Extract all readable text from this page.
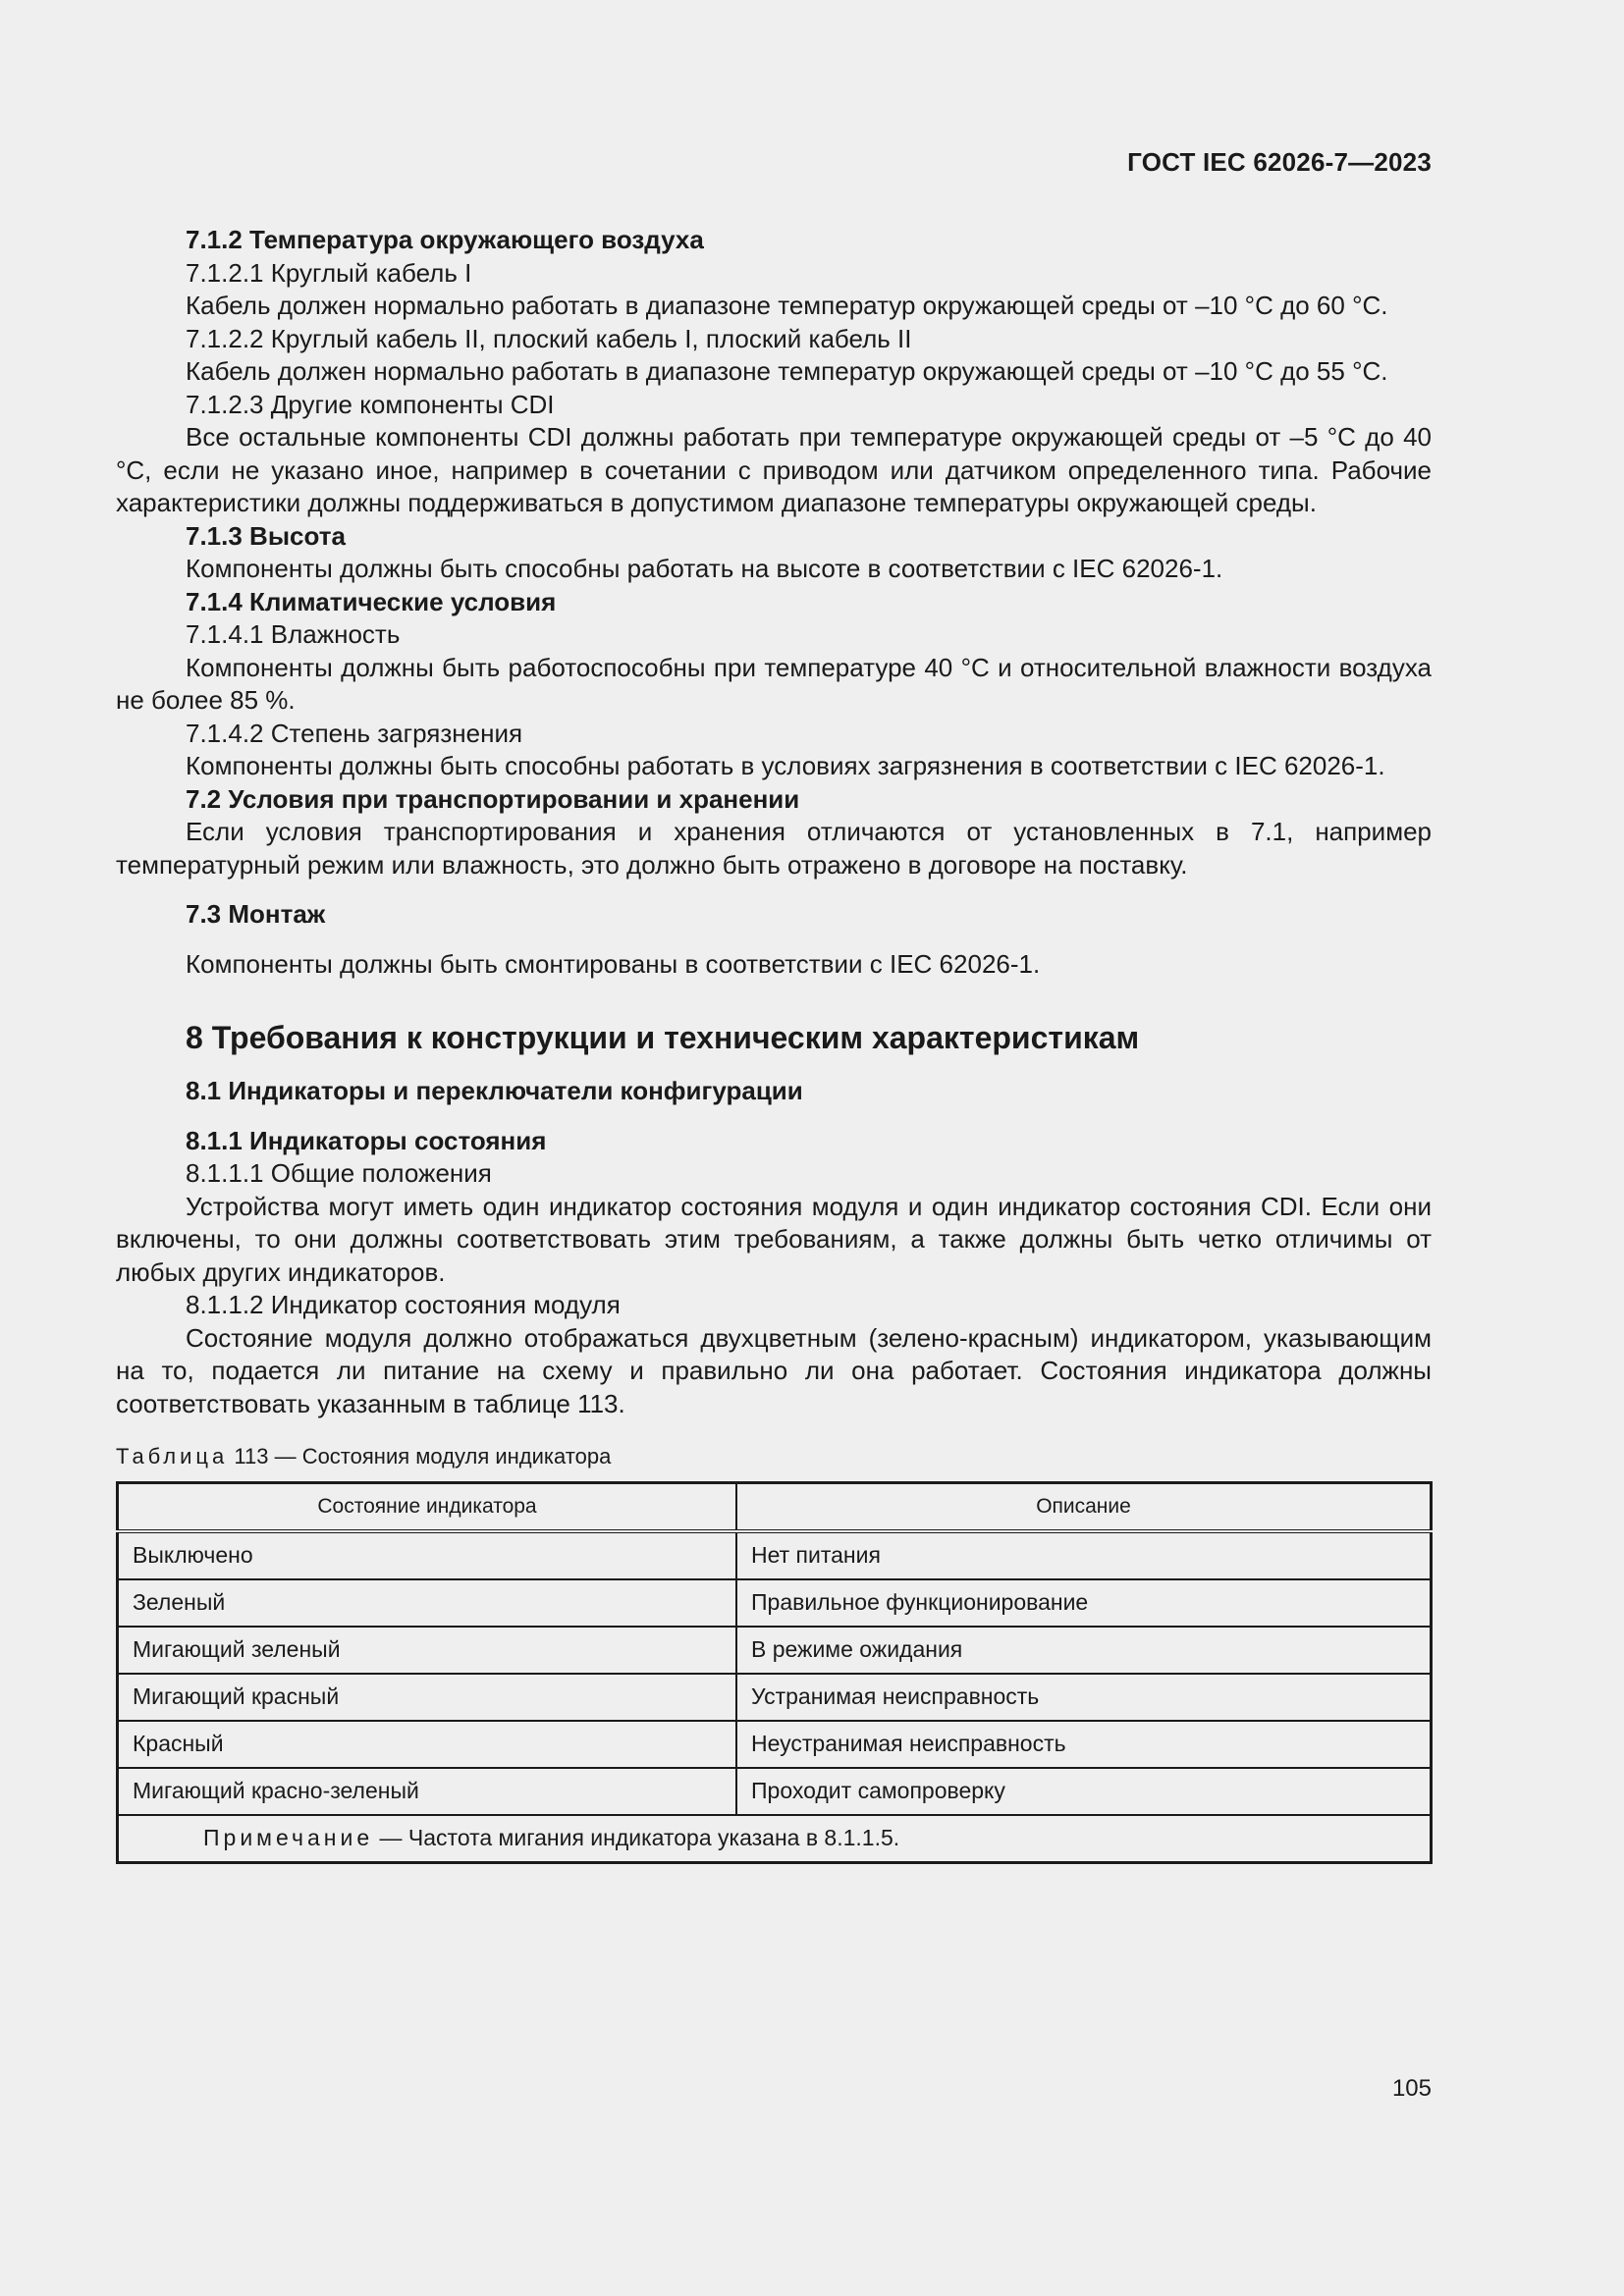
ГОСТ IEC 62026-7—2023

7.1.2 Температура окружающего воздуха

7.1.2.1 Круглый кабель I

Кабель должен нормально работать в диапазоне температур окружающей среды от –10 °С до 60 °С.

7.1.2.2 Круглый кабель II, плоский кабель I, плоский кабель II

Кабель должен нормально работать в диапазоне температур окружающей среды от –10 °С до 55 °С.

7.1.2.3 Другие компоненты CDI

Все остальные компоненты CDI должны работать при температуре окружающей среды от –5 °С до 40 °С, если не указано иное, например в сочетании с приводом или датчиком определенного типа. Рабочие характеристики должны поддерживаться в допустимом диапазоне температуры окружающей среды.

7.1.3 Высота

Компоненты должны быть способны работать на высоте в соответствии с IEC 62026-1.

7.1.4 Климатические условия

7.1.4.1 Влажность

Компоненты должны быть работоспособны при температуре 40 °С и относительной влажности воздуха не более 85 %.

7.1.4.2 Степень загрязнения

Компоненты должны быть способны работать в условиях загрязнения в соответствии с IEC 62026-1.

7.2 Условия при транспортировании и хранении

Если условия транспортирования и хранения отличаются от установленных в 7.1, например температурный режим или влажность, это должно быть отражено в договоре на поставку.

7.3 Монтаж

Компоненты должны быть смонтированы в соответствии с IEC 62026-1.

8 Требования к конструкции и техническим характеристикам
8.1 Индикаторы и переключатели конфигурации
8.1.1 Индикаторы состояния

8.1.1.1 Общие положения

Устройства могут иметь один индикатор состояния модуля и один индикатор состояния CDI. Если они включены, то они должны соответствовать этим требованиям, а также должны быть четко отличимы от любых других индикаторов.

8.1.1.2 Индикатор состояния модуля

Состояние модуля должно отображаться двухцветным (зелено-красным) индикатором, указывающим на то, подается ли питание на схему и правильно ли она работает. Состояния индикатора должны соответствовать указанным в таблице 113.

Таблица 113 — Состояния модуля индикатора
Состояние индикатора	Описание
Выключено	Нет питания
Зеленый	Правильное функционирование
Мигающий зеленый	В режиме ожидания
Мигающий красный	Устранимая неисправность
Красный	Неустранимая неисправность
Мигающий красно-зеленый	Проходит самопроверку
Примечание — Частота мигания индикатора указана в 8.1.1.5.	
105
